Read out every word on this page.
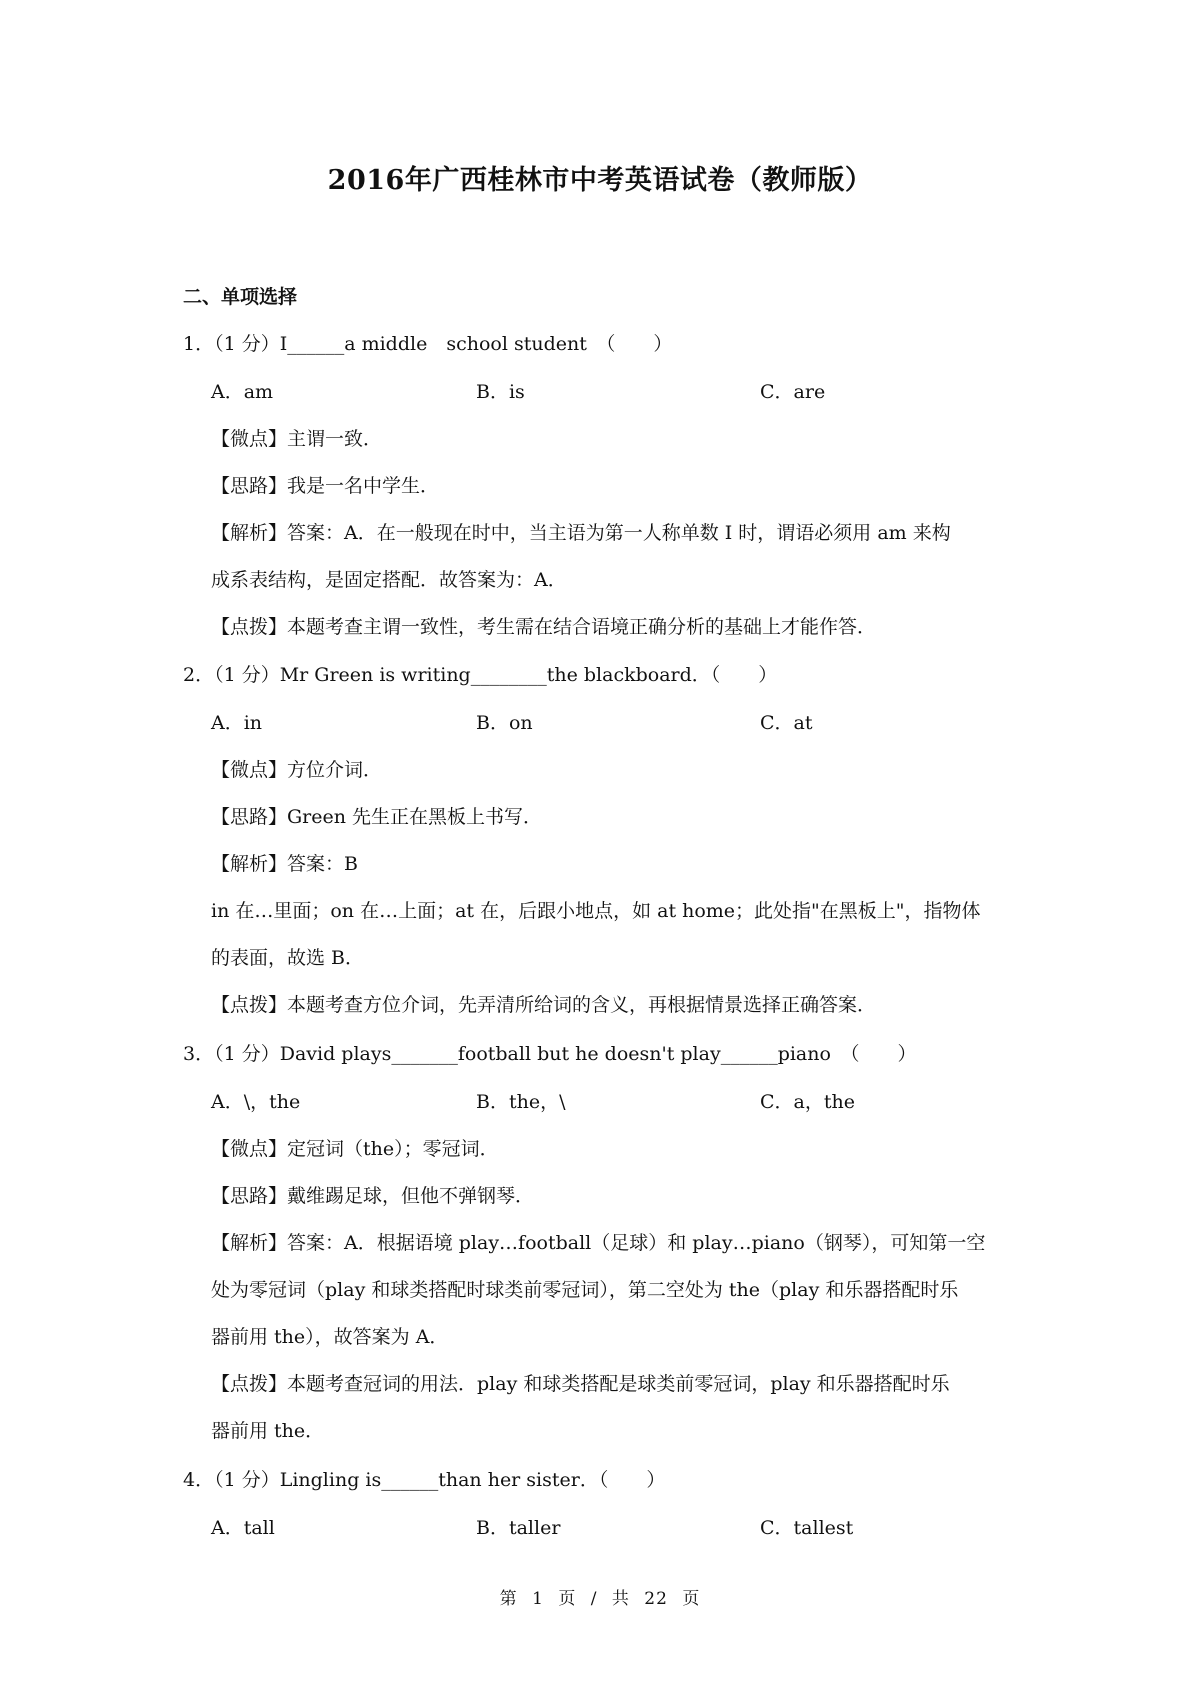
2016年广西桂林市中考英语试卷（教师版）
二、单项选择
1．（1 分）I______a middle　school student　（　　）
A．am	B．is	C．are
【微点】主谓一致．
【思路】我是一名中学生．
【解析】答案：A．在一般现在时中，当主语为第一人称单数 I 时，谓语必须用 am 来构
成系表结构，是固定搭配．故答案为：A．
【点拨】本题考查主谓一致性，考生需在结合语境正确分析的基础上才能作答．
2．（1 分）Mr Green is writing________the blackboard．（　　）
A．in	B．on	C．at
【微点】方位介词．
【思路】Green 先生正在黑板上书写．
【解析】答案：B
in 在…里面；on 在…上面；at 在，后跟小地点，如 at home；此处指"在黑板上"，指物体
的表面，故选 B．
【点拨】本题考查方位介词，先弄清所给词的含义，再根据情景选择正确答案．
3．（1 分）David plays_______football but he doesn't play______piano　（　　）
A．\，the	B．the，\	C．a，the
【微点】定冠词（the）；零冠词．
【思路】戴维踢足球，但他不弹钢琴．
【解析】答案：A．根据语境 play…football（足球）和 play…piano（钢琴），可知第一空
处为零冠词（play 和球类搭配时球类前零冠词），第二空处为 the（play 和乐器搭配时乐
器前用 the），故答案为 A．
【点拨】本题考查冠词的用法．play 和球类搭配是球类前零冠词，play 和乐器搭配时乐
器前用 the．
4．（1 分）Lingling is______than her sister．（　　）
A．tall	B．taller	C．tallest
第 1 页 / 共 22 页
